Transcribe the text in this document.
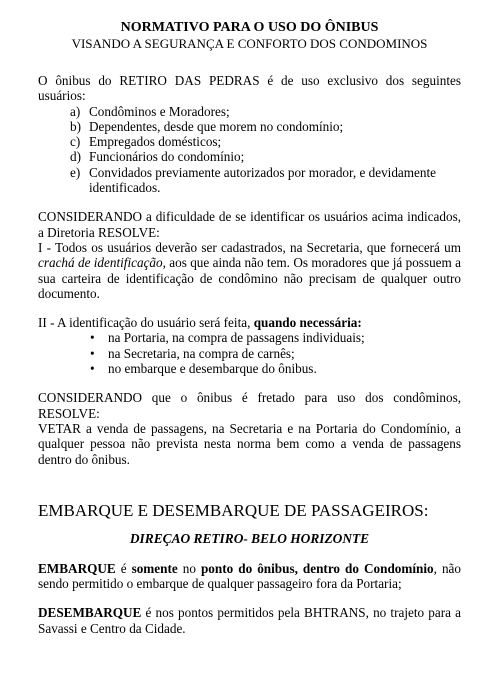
NORMATIVO PARA O USO DO ÔNIBUS
VISANDO A SEGURANÇA E CONFORTO DOS CONDOMINOS

O ônibus do RETIRO DAS PEDRAS é de uso exclusivo dos seguintes usuários:

a) Condôminos e Moradores;
b) Dependentes, desde que morem no condomínio;
c) Empregados domésticos;
d) Funcionários do condomínio;
e) Convidados previamente autorizados por morador, e devidamente identificados.

CONSIDERANDO a dificuldade de se identificar os usuários acima indicados, a Diretoria RESOLVE:

I - Todos os usuários deverão ser cadastrados, na Secretaria, que fornecerá um crachá de identificação, aos que ainda não tem. Os moradores que já possuem a sua carteira de identificação de condômino não precisam de qualquer outro documento.

II - A identificação do usuário será feita, quando necessária:

•	na Portaria, na compra de passagens individuais;
•	na Secretaria, na compra de carnês;
•	no embarque e desembarque do ônibus.

CONSIDERANDO que o ônibus é fretado para uso dos condôminos, RESOLVE:

VETAR a venda de passagens, na Secretaria e na Portaria do Condomínio, a qualquer pessoa não prevista nesta norma bem como a venda de passagens dentro do ônibus.

EMBARQUE E DESEMBARQUE DE PASSAGEIROS:
DIREÇAO RETIRO- BELO HORIZONTE

EMBARQUE é somente no ponto do ônibus, dentro do Condomínio, não sendo permitido o embarque de qualquer passageiro fora da Portaria;

DESEMBARQUE é nos pontos permitidos pela BHTRANS, no trajeto para a Savassi e Centro da Cidade.
